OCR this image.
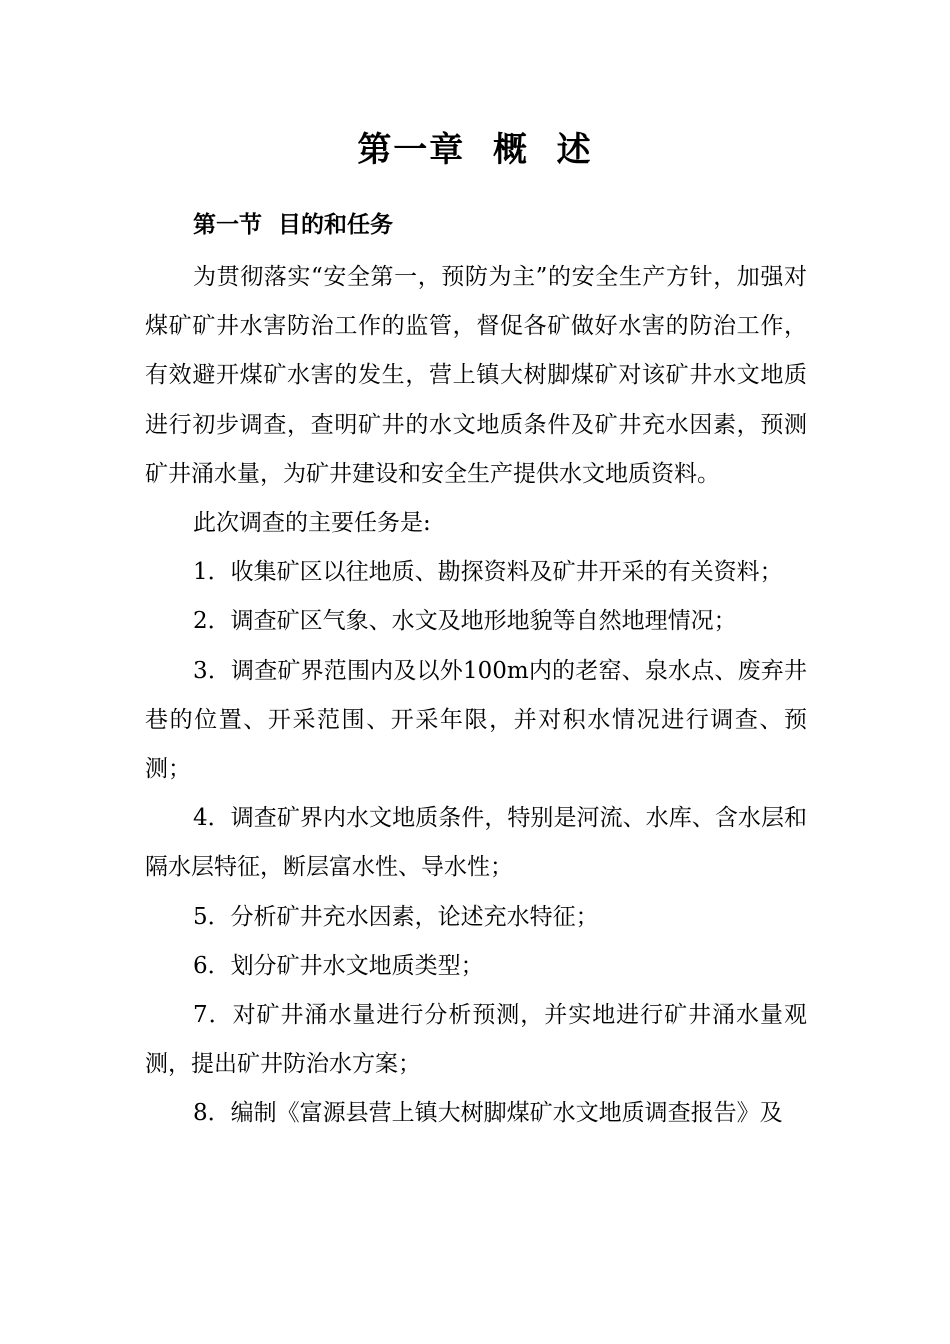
第一章  概  述
第一节  目的和任务

为贯彻落实“安全第一，预防为主”的安全生产方针，加强对煤矿矿井水害防治工作的监管，督促各矿做好水害的防治工作，有效避开煤矿水害的发生，营上镇大树脚煤矿对该矿井水文地质进行初步调查，查明矿井的水文地质条件及矿井充水因素，预测矿井涌水量，为矿井建设和安全生产提供水文地质资料。

此次调查的主要任务是:

1．收集矿区以往地质、勘探资料及矿井开采的有关资料；

2．调查矿区气象、水文及地形地貌等自然地理情况；

3．调查矿界范围内及以外100m内的老窑、泉水点、废弃井巷的位置、开采范围、开采年限，并对积水情况进行调查、预测；

4．调查矿界内水文地质条件，特别是河流、水库、含水层和隔水层特征，断层富水性、导水性；

5．分析矿井充水因素，论述充水特征；

6．划分矿井水文地质类型；

7．对矿井涌水量进行分析预测，并实地进行矿井涌水量观测，提出矿井防治水方案；

8．编制《富源县营上镇大树脚煤矿水文地质调查报告》及
